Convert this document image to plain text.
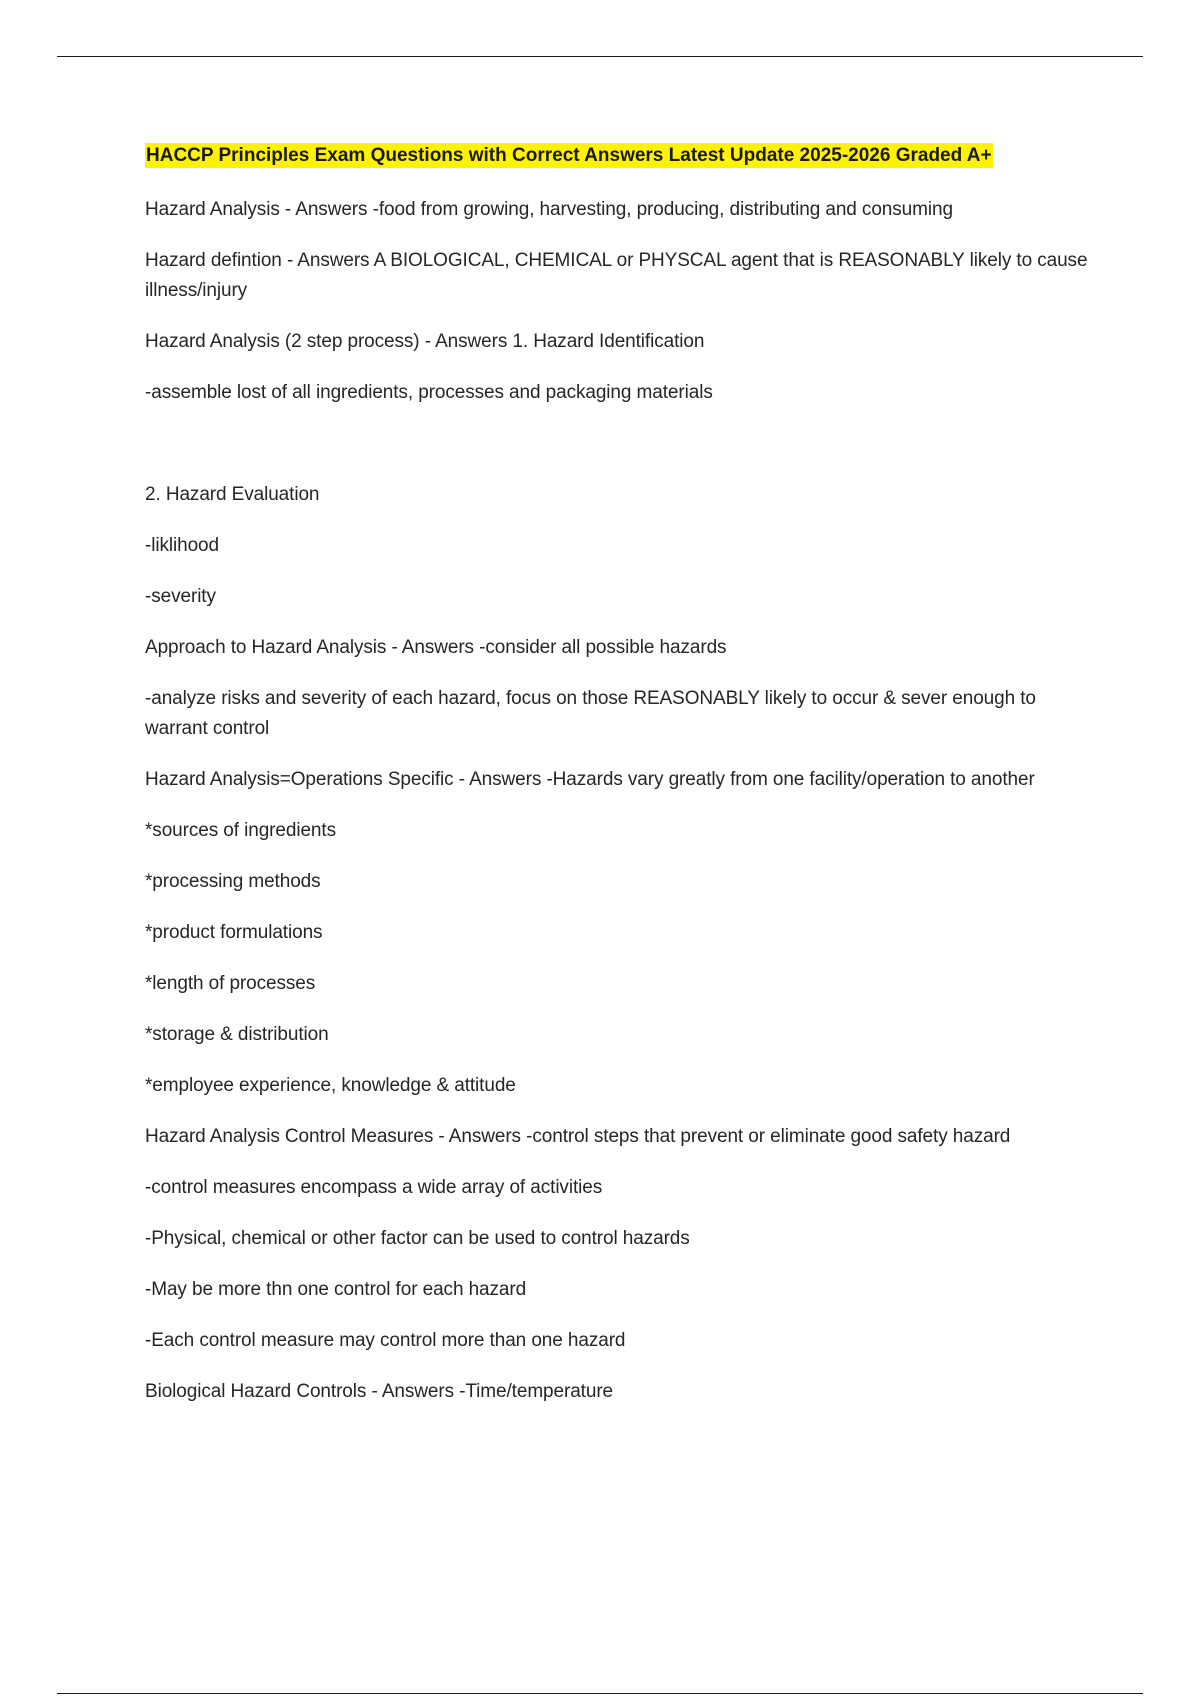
HACCP Principles Exam Questions with Correct Answers Latest Update 2025-2026 Graded A+

Hazard Analysis - Answers -food from growing, harvesting, producing, distributing and consuming

Hazard defintion - Answers A BIOLOGICAL, CHEMICAL or PHYSCAL agent that is REASONABLY likely to cause illness/injury

Hazard Analysis (2 step process) - Answers 1. Hazard Identification

-assemble lost of all ingredients, processes and packaging materials

2. Hazard Evaluation

-liklihood

-severity

Approach to Hazard Analysis - Answers -consider all possible hazards

-analyze risks and severity of each hazard, focus on those REASONABLY likely to occur & sever enough to warrant control

Hazard Analysis=Operations Specific - Answers -Hazards vary greatly from one facility/operation to another

*sources of ingredients

*processing methods

*product formulations

*length of processes

*storage & distribution

*employee experience, knowledge & attitude

Hazard Analysis Control Measures - Answers -control steps that prevent or eliminate good safety hazard

-control measures encompass a wide array of activities

-Physical, chemical or other factor can be used to control hazards

-May be more thn one control for each hazard

-Each control measure may control more than one hazard

Biological Hazard Controls - Answers -Time/temperature
